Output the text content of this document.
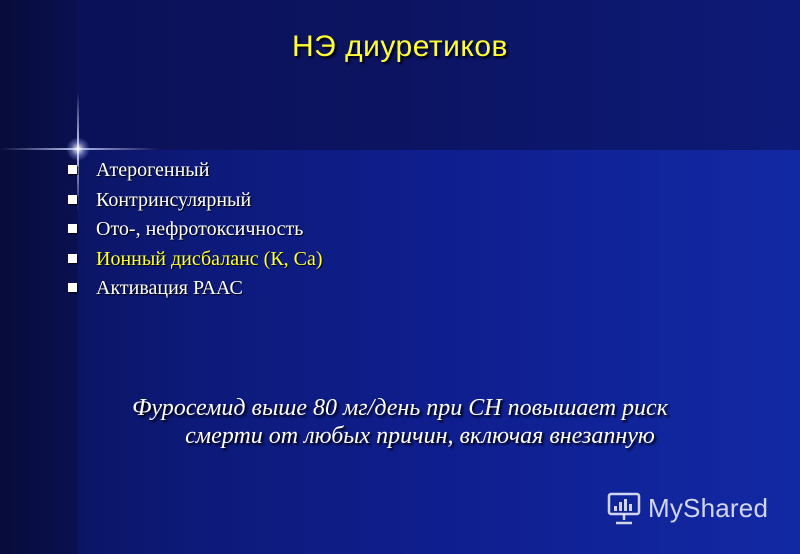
НЭ диуретиков
Атерогенный
Контринсулярный
Ото-, нефротоксичность
Ионный дисбаланс (К, Са)
Активация РААС
Фуросемид выше 80 мг/день при СН повышает риск
смерти от любых причин, включая внезапную
MyShared
